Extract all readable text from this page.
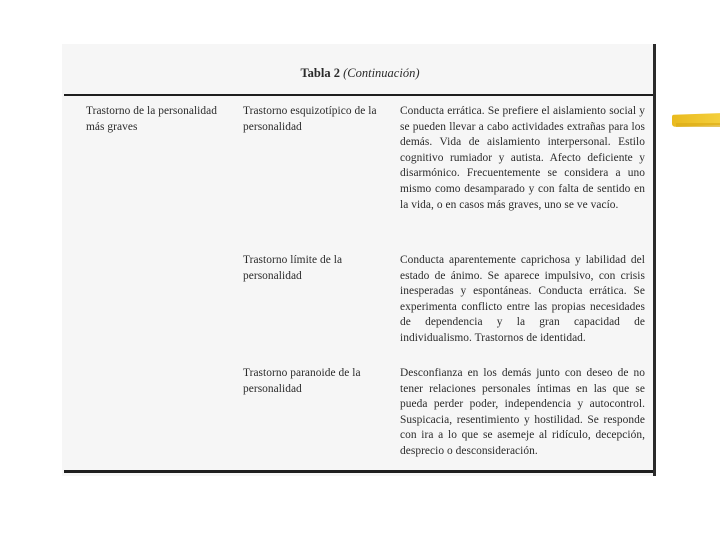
Tabla 2 (Continuación)
Trastorno de la personalidad más graves
Trastorno esquizotípico de la personalidad
Conducta errática. Se prefiere el aislamiento social y se pueden llevar a cabo actividades extrañas para los demás. Vida de aislamiento interpersonal. Estilo cognitivo rumiador y autista. Afecto deficiente y disarmónico. Frecuentemente se considera a uno mismo como desamparado y con falta de sentido en la vida, o en casos más graves, uno se ve vacío.
Trastorno límite de la personalidad
Conducta aparentemente caprichosa y labilidad del estado de ánimo. Se aparece impulsivo, con crisis inesperadas y espontáneas. Conducta errática. Se experimenta conflicto entre las propias necesidades de dependencia y la gran capacidad de individualismo. Trastornos de identidad.
Trastorno paranoide de la personalidad
Desconfianza en los demás junto con deseo de no tener relaciones personales íntimas en las que se pueda perder poder, independencia y autocontrol. Suspicacia, resentimiento y hostilidad. Se responde con ira a lo que se asemeje al ridículo, decepción, desprecio o desconsideración.
